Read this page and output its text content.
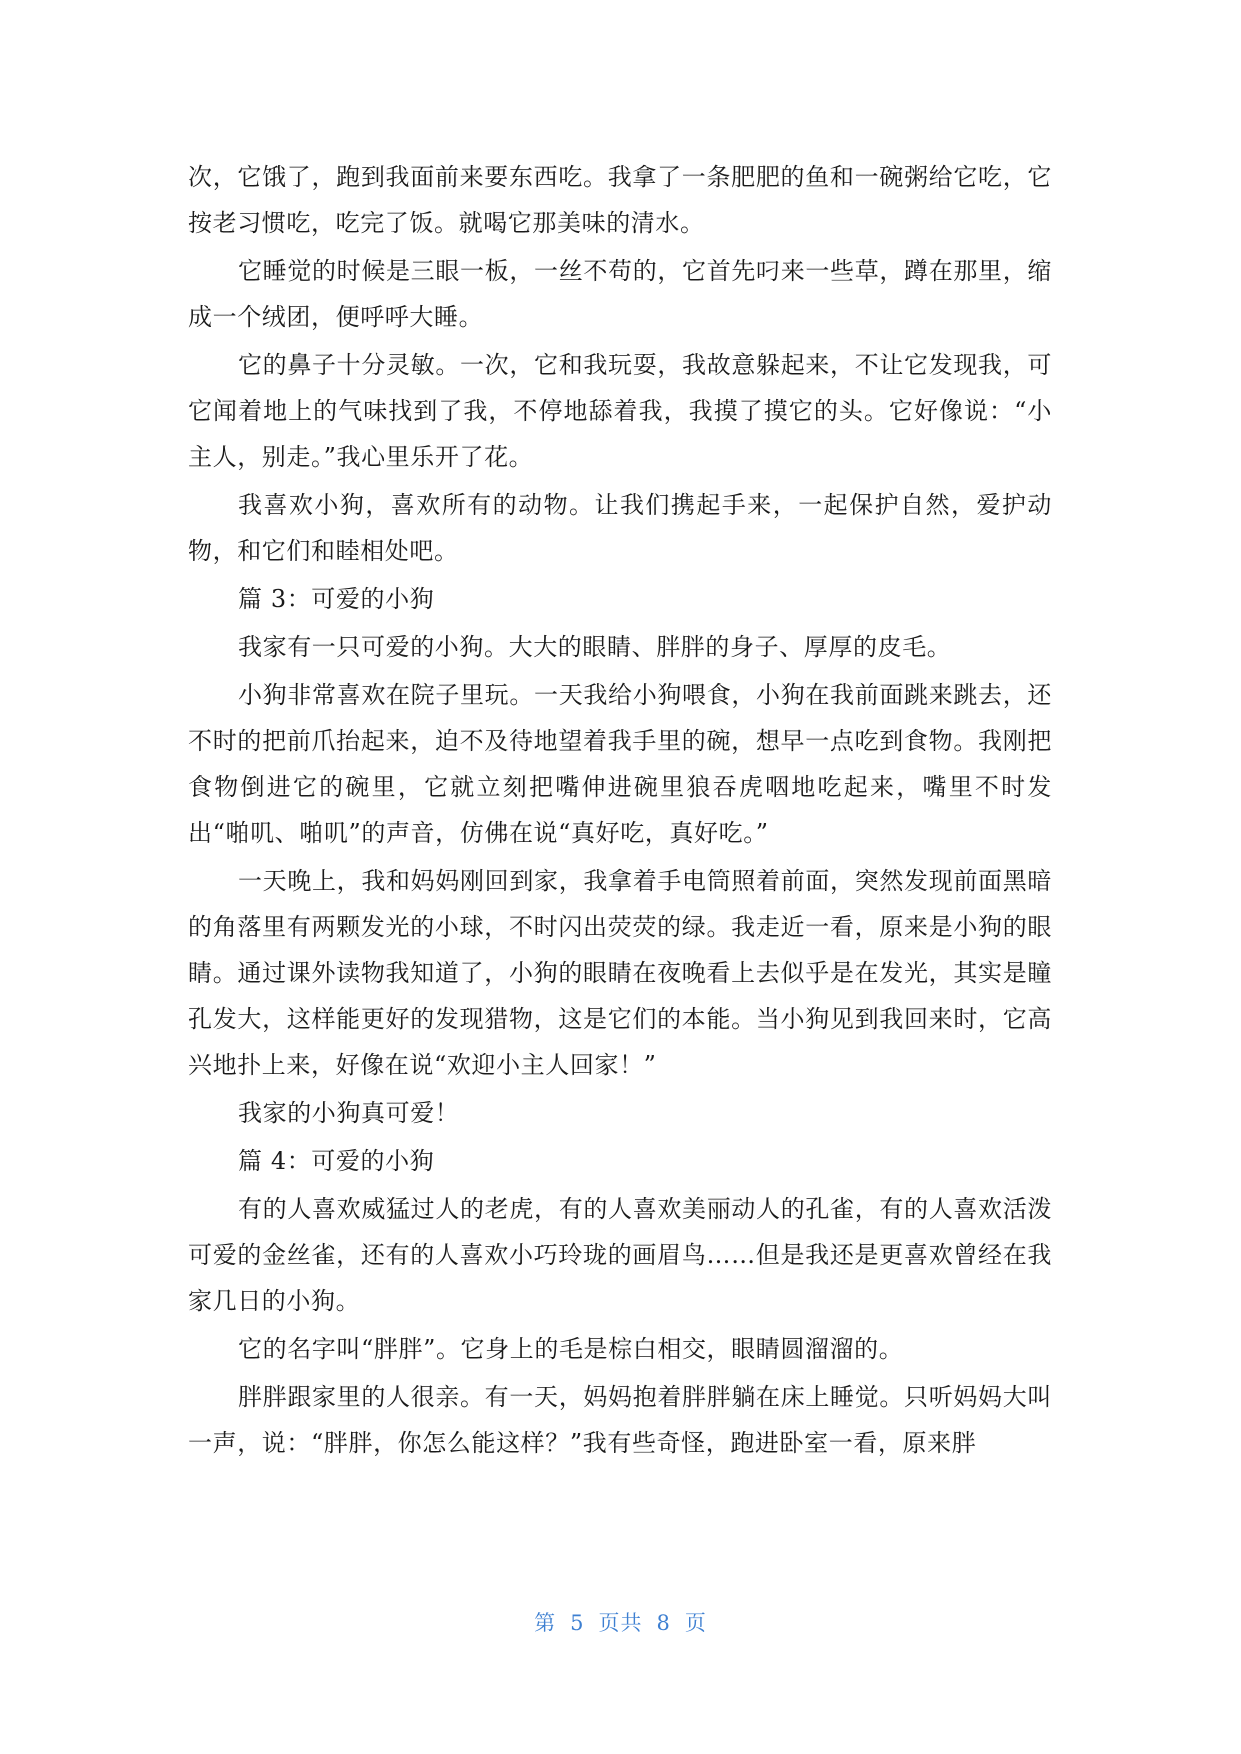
次，它饿了，跑到我面前来要东西吃。我拿了一条肥肥的鱼和一碗粥给它吃，它按老习惯吃，吃完了饭。就喝它那美味的清水。

它睡觉的时候是三眼一板，一丝不苟的，它首先叼来一些草，蹲在那里，缩成一个绒团，便呼呼大睡。

它的鼻子十分灵敏。一次，它和我玩耍，我故意躲起来，不让它发现我，可它闻着地上的气味找到了我，不停地舔着我，我摸了摸它的头。它好像说：“小主人，别走。”我心里乐开了花。

我喜欢小狗，喜欢所有的动物。让我们携起手来，一起保护自然，爱护动物，和它们和睦相处吧。

篇 3：可爱的小狗

我家有一只可爱的小狗。大大的眼睛、胖胖的身子、厚厚的皮毛。

小狗非常喜欢在院子里玩。一天我给小狗喂食，小狗在我前面跳来跳去，还不时的把前爪抬起来，迫不及待地望着我手里的碗，想早一点吃到食物。我刚把食物倒进它的碗里，它就立刻把嘴伸进碗里狼吞虎咽地吃起来，嘴里不时发出“啪叽、啪叽”的声音，仿佛在说“真好吃，真好吃。”

一天晚上，我和妈妈刚回到家，我拿着手电筒照着前面，突然发现前面黑暗的角落里有两颗发光的小球，不时闪出荧荧的绿。我走近一看，原来是小狗的眼睛。通过课外读物我知道了，小狗的眼睛在夜晚看上去似乎是在发光，其实是瞳孔发大，这样能更好的发现猎物，这是它们的本能。当小狗见到我回来时，它高兴地扑上来，好像在说“欢迎小主人回家！”

我家的小狗真可爱！

篇 4：可爱的小狗

有的人喜欢威猛过人的老虎，有的人喜欢美丽动人的孔雀，有的人喜欢活泼可爱的金丝雀，还有的人喜欢小巧玲珑的画眉鸟……但是我还是更喜欢曾经在我家几日的小狗。

它的名字叫“胖胖”。它身上的毛是棕白相交，眼睛圆溜溜的。

胖胖跟家里的人很亲。有一天，妈妈抱着胖胖躺在床上睡觉。只听妈妈大叫一声，说：“胖胖，你怎么能这样？”我有些奇怪，跑进卧室一看，原来胖

第 5 页共 8 页
